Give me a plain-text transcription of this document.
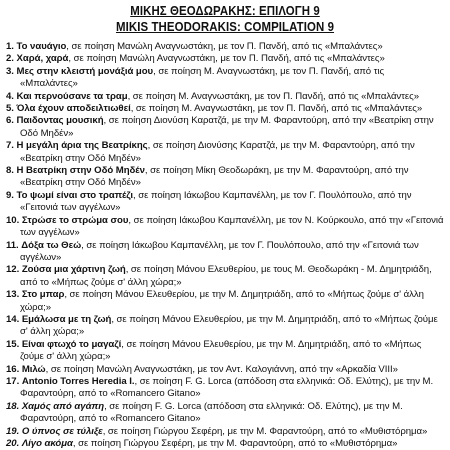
ΜΙΚΗΣ ΘΕΟΔΩΡΑΚΗΣ: ΕΠΙΛΟΓΗ 9
MIKIS THEODORAKIS: COMPILATION 9
1. Το ναυάγιο, σε ποίηση Μανώλη Αναγνωστάκη, με τον Π. Πανδή, από τις «Μπαλάντες»
2. Χαρά, χαρά, σε ποίηση Μανώλη Αναγνωστάκη, με τον Π. Πανδή, από τις «Μπαλάντες»
3. Μες στην κλειστή μονάξιά μου, σε ποίηση Μ. Αναγνωστάκη, με τον Π. Πανδή, από τις «Μπαλάντες»
4. Και περνούσανε τα τραμ, σε ποίηση Μ. Αναγνωστάκη, με τον Π. Πανδή, από τις «Μπαλάντες»
5. Όλα έχουν αποδειλτιωθεί, σε ποίηση Μ. Αναγνωστάκη, με τον Π. Πανδή, από τις «Μπαλάντες»
6. Παιδοντας μουσική, σε ποίηση Διονύση Καρατζά, με την Μ. Φαραντούρη, από την «Βεατρίκη στην Οδό Μηδέν»
7. Η μεγάλη άρια της Βεατρίκης, σε ποίηση Διονύσης Καρατζά, με την Μ. Φαραντούρη, από την «Βεατρίκη στην Οδό Μηδέν»
8. Η Βεατρίκη στην Οδό Μηδέν, σε ποίηση Μίκη Θεοδωράκη, με την Μ. Φαραντούρη, από την «Βεατρίκη στην Οδό Μηδέν»
9. Το ψωμί είναι στο τραπέζι, σε ποίηση Ιάκωβου Καμπανέλλη, με τον Γ. Πουλόπουλο, από την «Γειτονιά των αγγέλων»
10. Στρώσε το στρώμα σου, σε ποίηση Ιάκωβου Καμπανέλλη, με τον Ν. Κούρκουλο, από την «Γειτονιά των αγγέλων»
11. Δόξα τω Θεώ, σε ποίηση Ιάκωβου Καμπανέλλη, με τον Γ. Πουλόπουλο, από την «Γειτονιά των αγγέλων»
12. Ζούσα μια χάρτινη ζωή, σε ποίηση Μάνου Ελευθερίου, με τους Μ. Θεοδωράκη - Μ. Δημητριάδη, από το «Μήπως ζούμε σ' άλλη χώρα;»
13. Στο μπαρ, σε ποίηση Μάνου Ελευθερίου, με την Μ. Δημητριάδη, από το «Μήπως ζούμε σ' άλλη χώρα;»
14. Εμάλωσα με τη ζωή, σε ποίηση Μάνου Ελευθερίου, με την Μ. Δημητριάδη, από το «Μήπως ζούμε σ' άλλη χώρα;»
15. Είναι φτωχό το μαγαζί, σε ποίηση Μάνου Ελευθερίου, με την Μ. Δημητριάδη, από το «Μήπως ζούμε σ' άλλη χώρα;»
16. Μιλώ, σε ποίηση Μανώλη Αναγνωστάκη, με τον Αντ. Καλογιάννη, από την «Αρκαδία VIII»
17. Antonio Torres Heredia I., σε ποίηση F. G. Lorca (απόδοση στα ελληνικά: Οδ. Ελύτης), με την Μ. Φαραντούρη, από το «Romancero Gitano»
18. Χαμός από αγάπη, σε ποίηση F. G. Lorca (απόδοση στα ελληνικά: Οδ. Ελύτης), με την Μ. Φαραντούρη, από το «Romancero Gitano»
19. Ο ύπνος σε τύλιξε, σε ποίηση Γιώργου Σεφέρη, με την Μ. Φαραντούρη, από το «Μυθιστόρημα»
20. Λίγο ακόμα, σε ποίηση Γιώργου Σεφέρη, με την Μ. Φαραντούρη, από το «Μυθιστόρημα»
